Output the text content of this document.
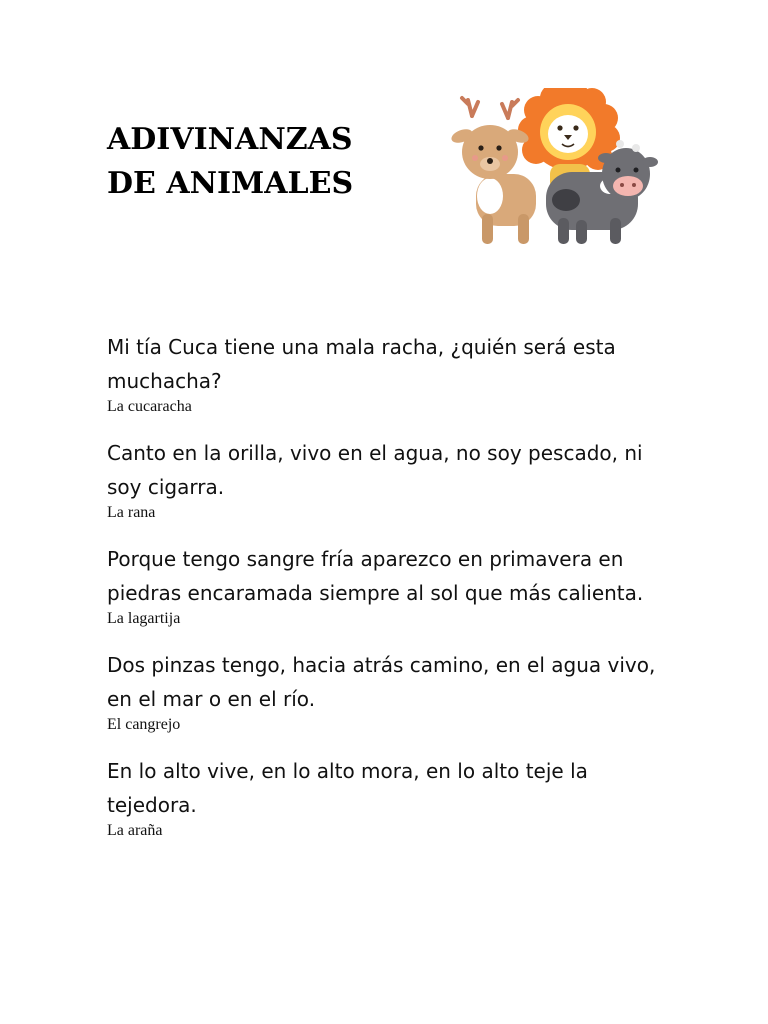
ADIVINANZAS
DE ANIMALES

Mi tía Cuca tiene una mala racha, ¿quién será esta muchacha?

La cucaracha

Canto en la orilla, vivo en el agua, no soy pescado, ni soy cigarra.

La rana

Porque tengo sangre fría aparezco en primavera en piedras encaramada siempre al sol que más calienta.

La lagartija

Dos pinzas tengo, hacia atrás camino, en el agua vivo, en el mar o en el río.

El cangrejo

En lo alto vive, en lo alto mora, en lo alto teje la tejedora.

La araña
